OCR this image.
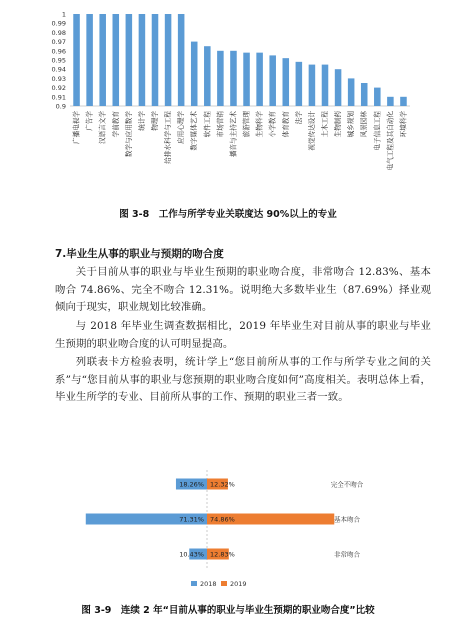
1
0.99
0.98
0.97
0.96
0.95
0.94
0.93
0.92
0.91
0.9
广播电视学 广告学 汉语言文学 学前教育 数学与应用数学 统计学 物理学 给排水科学与工程 应用心理学 数字媒体艺术 软件工程 市场营销 播音与主持艺术 旅游管理 生物科学 小学教育 体育教育 法学 视觉传达设计 土木工程 生物制药 城乡规划 风景园林 电子信息工程 电气工程及其自动化 环境科学
图 3-8　工作与所学专业关联度达 90%以上的专业
7.毕业生从事的职业与预期的吻合度

关于目前从事的职业与毕业生预期的职业吻合度，非常吻合 12.83%、基本吻合 74.86%、完全不吻合 12.31%。说明绝大多数毕业生（87.69%）择业观倾向于现实，职业规划比较准确。

与 2018 年毕业生调查数据相比，2019 年毕业生对目前从事的职业与毕业生预期的职业吻合度的认可明显提高。

列联表卡方检验表明，统计学上“您目前所从事的工作与所学专业之间的关系”与“您目前从事的职业与您预期的职业吻合度如何”高度相关。表明总体上看，毕业生所学的专业、目前所从事的工作、预期的职业三者一致。

18.26% 12.32%	完全不吻合
71.31% 74.86%	基本吻合
10.43% 12.83%	非常吻合
2018 2019
图 3-9　连续 2 年“目前从事的职业与毕业生预期的职业吻合度”比较
